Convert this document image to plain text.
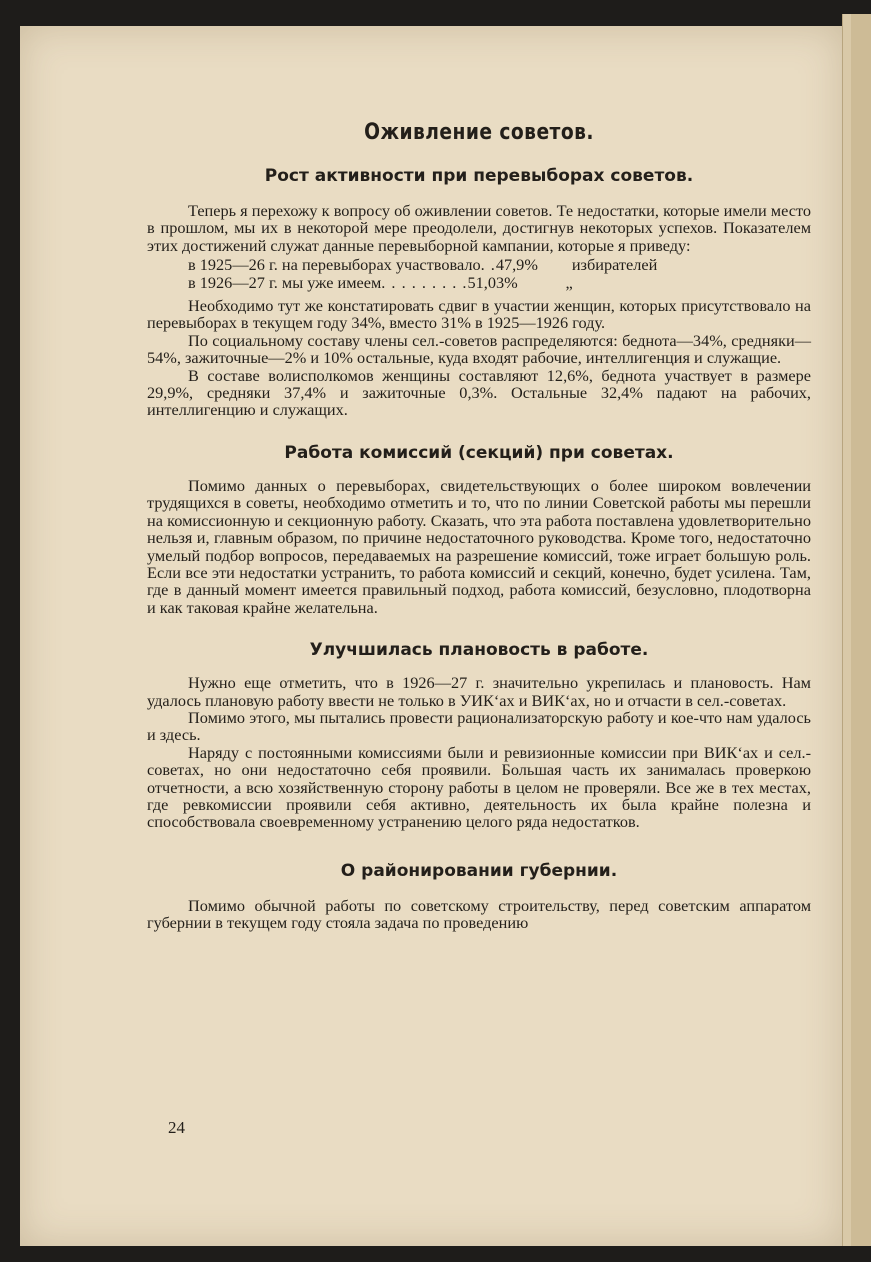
Оживление советов.
Рост активности при перевыборах советов.

Теперь я перехожу к вопросу об оживлении советов. Те недостатки, которые имели место в прошлом, мы их в некоторой мере преодолели, достигнув некоторых успехов. Показателем этих достижений служат данные перевыборной кампании, которые я приведу:

в 1925—26 г. на перевыборах участвовало . . 47,9%	избирателей
в 1926—27 г. мы уже имеем . . . . . . . . . 51,03%	„

Необходимо тут же констатировать сдвиг в участии женщин, которых присутствовало на перевыборах в текущем году 34%, вместо 31% в 1925—1926 году.

По социальному составу члены сел.-советов распределяются: беднота—34%, средняки—54%, зажиточные—2% и 10% остальные, куда входят рабочие, интеллигенция и служащие.

В составе волисполкомов женщины составляют 12,6%, беднота участвует в размере 29,9%, средняки 37,4% и зажиточные 0,3%. Остальные 32,4% падают на рабочих, интеллигенцию и служащих.

Работа комиссий (секций) при советах.

Помимо данных о перевыборах, свидетельствующих о более широком вовлечении трудящихся в советы, необходимо отметить и то, что по линии Советской работы мы перешли на комиссионную и секционную работу. Сказать, что эта работа поставлена удовлетворительно нельзя и, главным образом, по причине недостаточного руководства. Кроме того, недостаточно умелый подбор вопросов, передаваемых на разрешение комиссий, тоже играет большую роль. Если все эти недостатки устранить, то работа комиссий и секций, конечно, будет усилена. Там, где в данный момент имеется правильный подход, работа комиссий, безусловно, плодотворна и как таковая крайне желательна.

Улучшилась плановость в работе.

Нужно еще отметить, что в 1926—27 г. значительно укрепилась и плановость. Нам удалось плановую работу ввести не только в УИК‘ах и ВИК‘ах, но и отчасти в сел.-советах.

Помимо этого, мы пытались провести рационализаторскую работу и кое-что нам удалось и здесь.

Наряду с постоянными комиссиями были и ревизионные комиссии при ВИК‘ах и сел.-советах, но они недостаточно себя проявили. Большая часть их занималась проверкою отчетности, а всю хозяйственную сторону работы в целом не проверяли. Все же в тех местах, где ревкомиссии проявили себя активно, деятельность их была крайне полезна и способствовала своевременному устранению целого ряда недостатков.

О районировании губернии.

Помимо обычной работы по советскому строительству, перед советским аппаратом губернии в текущем году стояла задача по проведению

24
